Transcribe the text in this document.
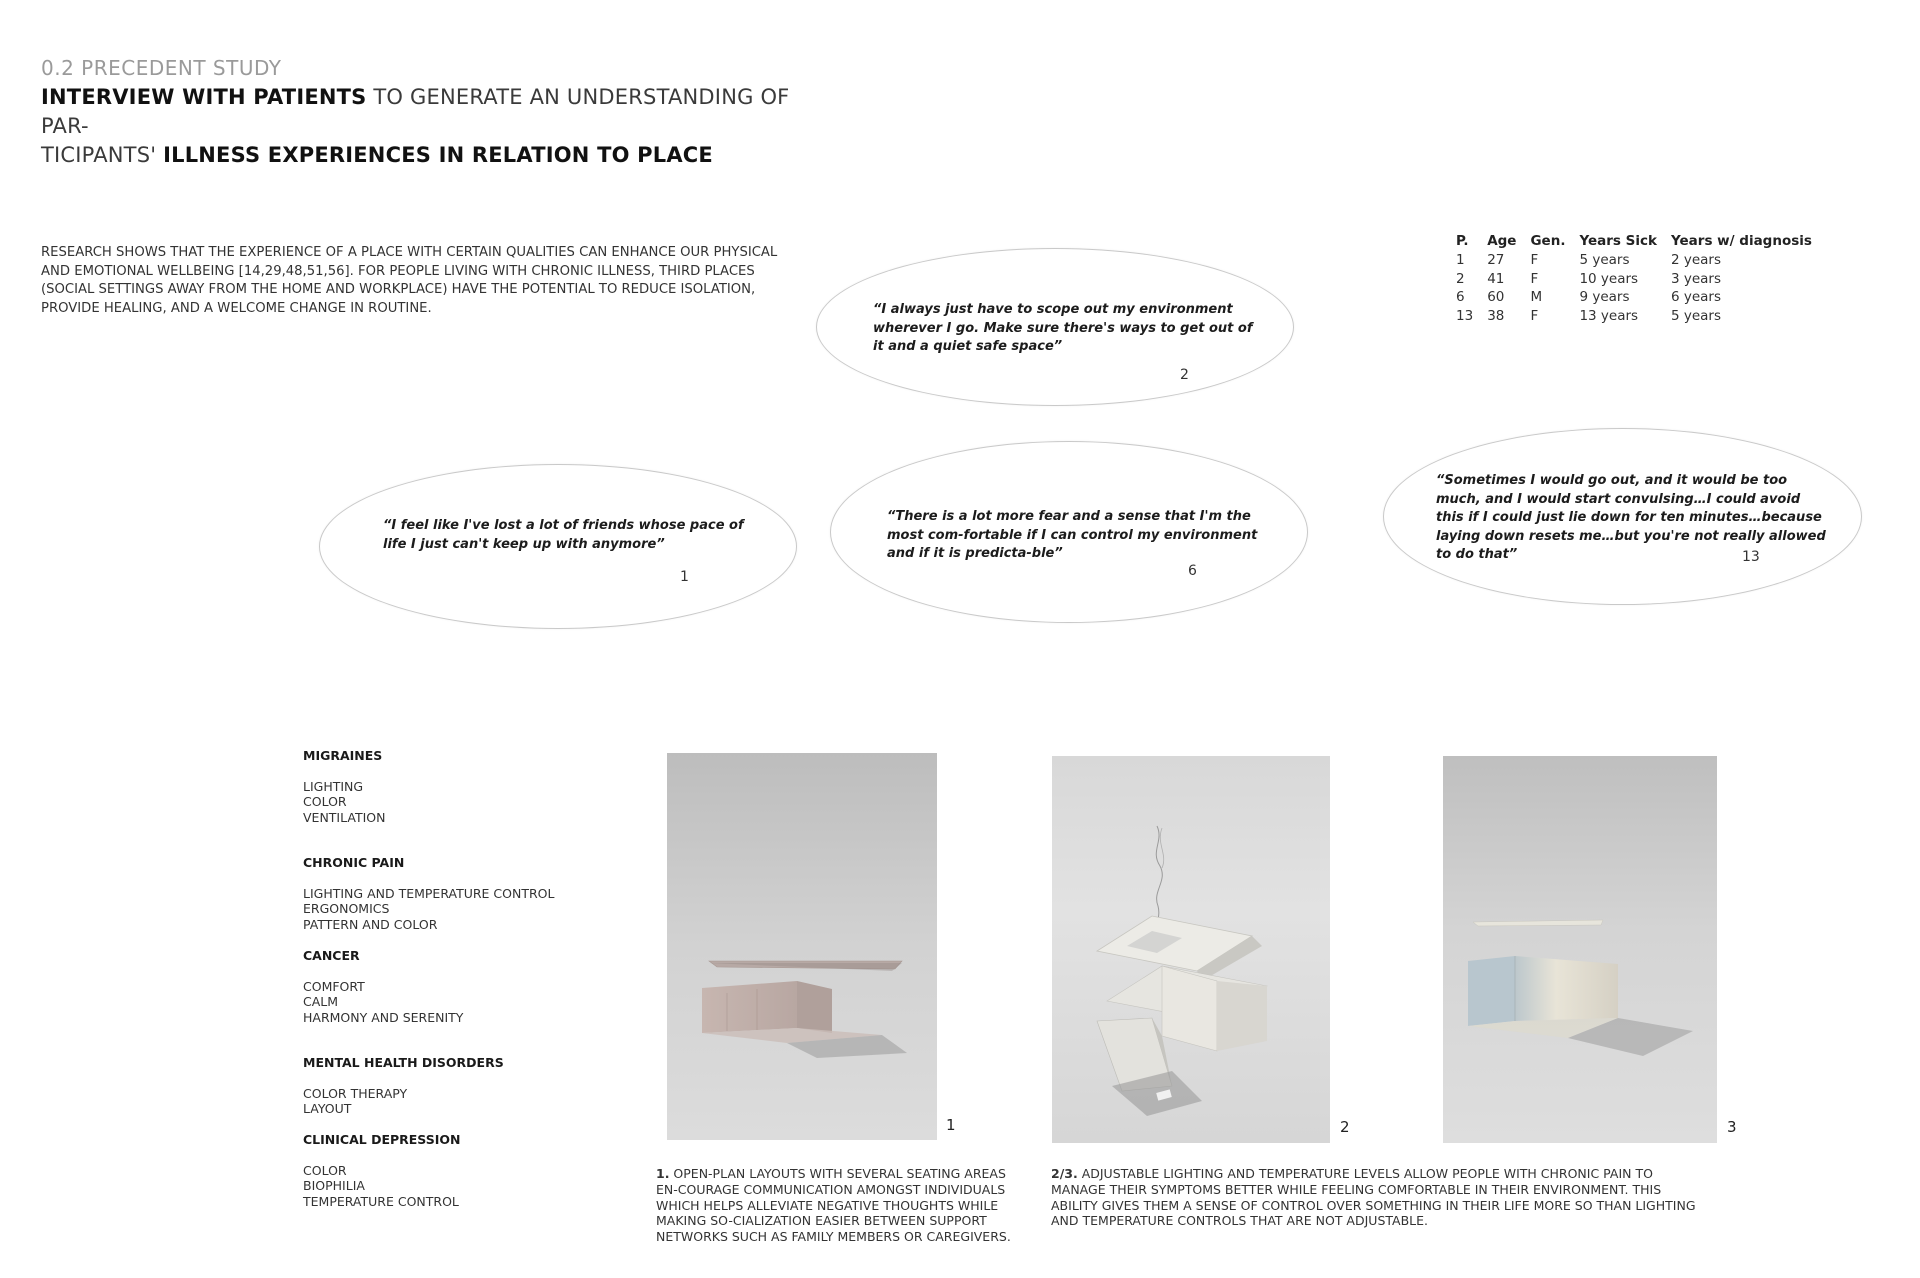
0.2 PRECEDENT STUDY
INTERVIEW WITH PATIENTS TO GENERATE AN UNDERSTANDING OF PAR-
TICIPANTS' ILLNESS EXPERIENCES IN RELATION TO PLACE
RESEARCH SHOWS THAT THE EXPERIENCE OF A PLACE WITH CERTAIN QUALITIES CAN ENHANCE OUR PHYSICAL AND EMOTIONAL WELLBEING [14,29,48,51,56]. FOR PEOPLE LIVING WITH CHRONIC ILLNESS, THIRD PLACES (SOCIAL SETTINGS AWAY FROM THE HOME AND WORKPLACE) HAVE THE POTENTIAL TO REDUCE ISOLATION, PROVIDE HEALING, AND A WELCOME CHANGE IN ROUTINE.
P.	Age	Gen.	Years Sick	Years w/ diagnosis
1	27	F	5 years	2 years
2	41	F	10 years	3 years
6	60	M	9 years	6 years
13	38	F	13 years	5 years
“I always just have to scope out my environment wherever I go. Make sure there's ways to get out of it and a quiet safe space”
2
“I feel like I've lost a lot of friends whose pace of life I just can't keep up with anymore”
1
“There is a lot more fear and a sense that I'm the most com-fortable if I can control my environment and if it is predicta-ble”
6
“Sometimes I would go out, and it would be too much, and I would start convulsing…I could avoid this if I could just lie down for ten minutes…because laying down resets me…but you're not really allowed to do that”	13
MIGRAINES
LIGHTING
COLOR
VENTILATION
CHRONIC PAIN
LIGHTING AND TEMPERATURE CONTROL
ERGONOMICS
PATTERN AND COLOR
CANCER
COMFORT
CALM
HARMONY AND SERENITY
MENTAL HEALTH DISORDERS
COLOR THERAPY
LAYOUT
CLINICAL DEPRESSION
COLOR
BIOPHILIA
TEMPERATURE CONTROL
1	2	3
1. OPEN-PLAN LAYOUTS WITH SEVERAL SEATING AREAS EN-COURAGE COMMUNICATION AMONGST INDIVIDUALS WHICH HELPS ALLEVIATE NEGATIVE THOUGHTS WHILE MAKING SO-CIALIZATION EASIER BETWEEN SUPPORT NETWORKS SUCH AS FAMILY MEMBERS OR CAREGIVERS.
2/3. ADJUSTABLE LIGHTING AND TEMPERATURE LEVELS ALLOW PEOPLE WITH CHRONIC PAIN TO MANAGE THEIR SYMPTOMS BETTER WHILE FEELING COMFORTABLE IN THEIR ENVIRONMENT. THIS ABILITY GIVES THEM A SENSE OF CONTROL OVER SOMETHING IN THEIR LIFE MORE SO THAN LIGHTING AND TEMPERATURE CONTROLS THAT ARE NOT ADJUSTABLE.
